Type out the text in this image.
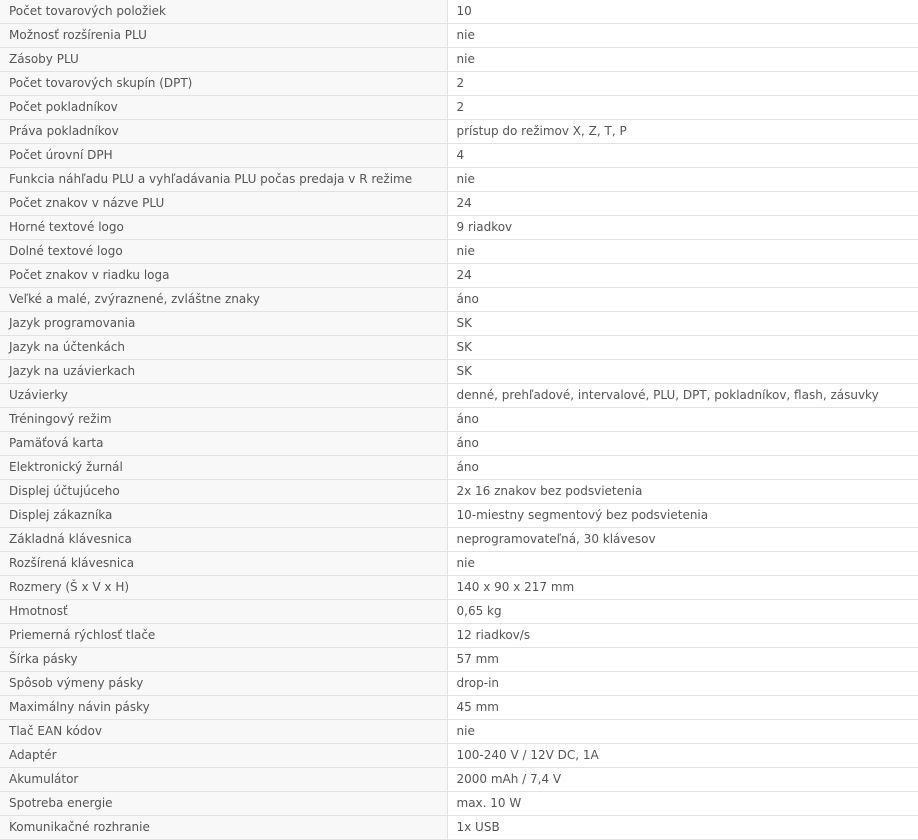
Počet tovarových položiek	10
Možnosť rozšírenia PLU	nie
Zásoby PLU	nie
Počet tovarových skupín (DPT)	2
Počet pokladníkov	2
Práva pokladníkov	prístup do režimov X, Z, T, P
Počet úrovní DPH	4
Funkcia náhľadu PLU a vyhľadávania PLU počas predaja v R režime	nie
Počet znakov v názve PLU	24
Horné textové logo	9 riadkov
Dolné textové logo	nie
Počet znakov v riadku loga	24
Veľké a malé, zvýraznené, zvláštne znaky	áno
Jazyk programovania	SK
Jazyk na účtenkách	SK
Jazyk na uzávierkach	SK
Uzávierky	denné, prehľadové, intervalové, PLU, DPT, pokladníkov, flash, zásuvky
Tréningový režim	áno
Pamäťová karta	áno
Elektronický žurnál	áno
Displej účtujúceho	2x 16 znakov bez podsvietenia
Displej zákazníka	10-miestny segmentový bez podsvietenia
Základná klávesnica	neprogramovateľná, 30 klávesov
Rozšírená klávesnica	nie
Rozmery (Š x V x H)	140 x 90 x 217 mm
Hmotnosť	0,65 kg
Priemerná rýchlosť tlače	12 riadkov/s
Šírka pásky	57 mm
Spôsob výmeny pásky	drop-in
Maximálny návin pásky	45 mm
Tlač EAN kódov	nie
Adaptér	100-240 V / 12V DC, 1A
Akumulátor	2000 mAh / 7,4 V
Spotreba energie	max. 10 W
Komunikačné rozhranie	1x USB
